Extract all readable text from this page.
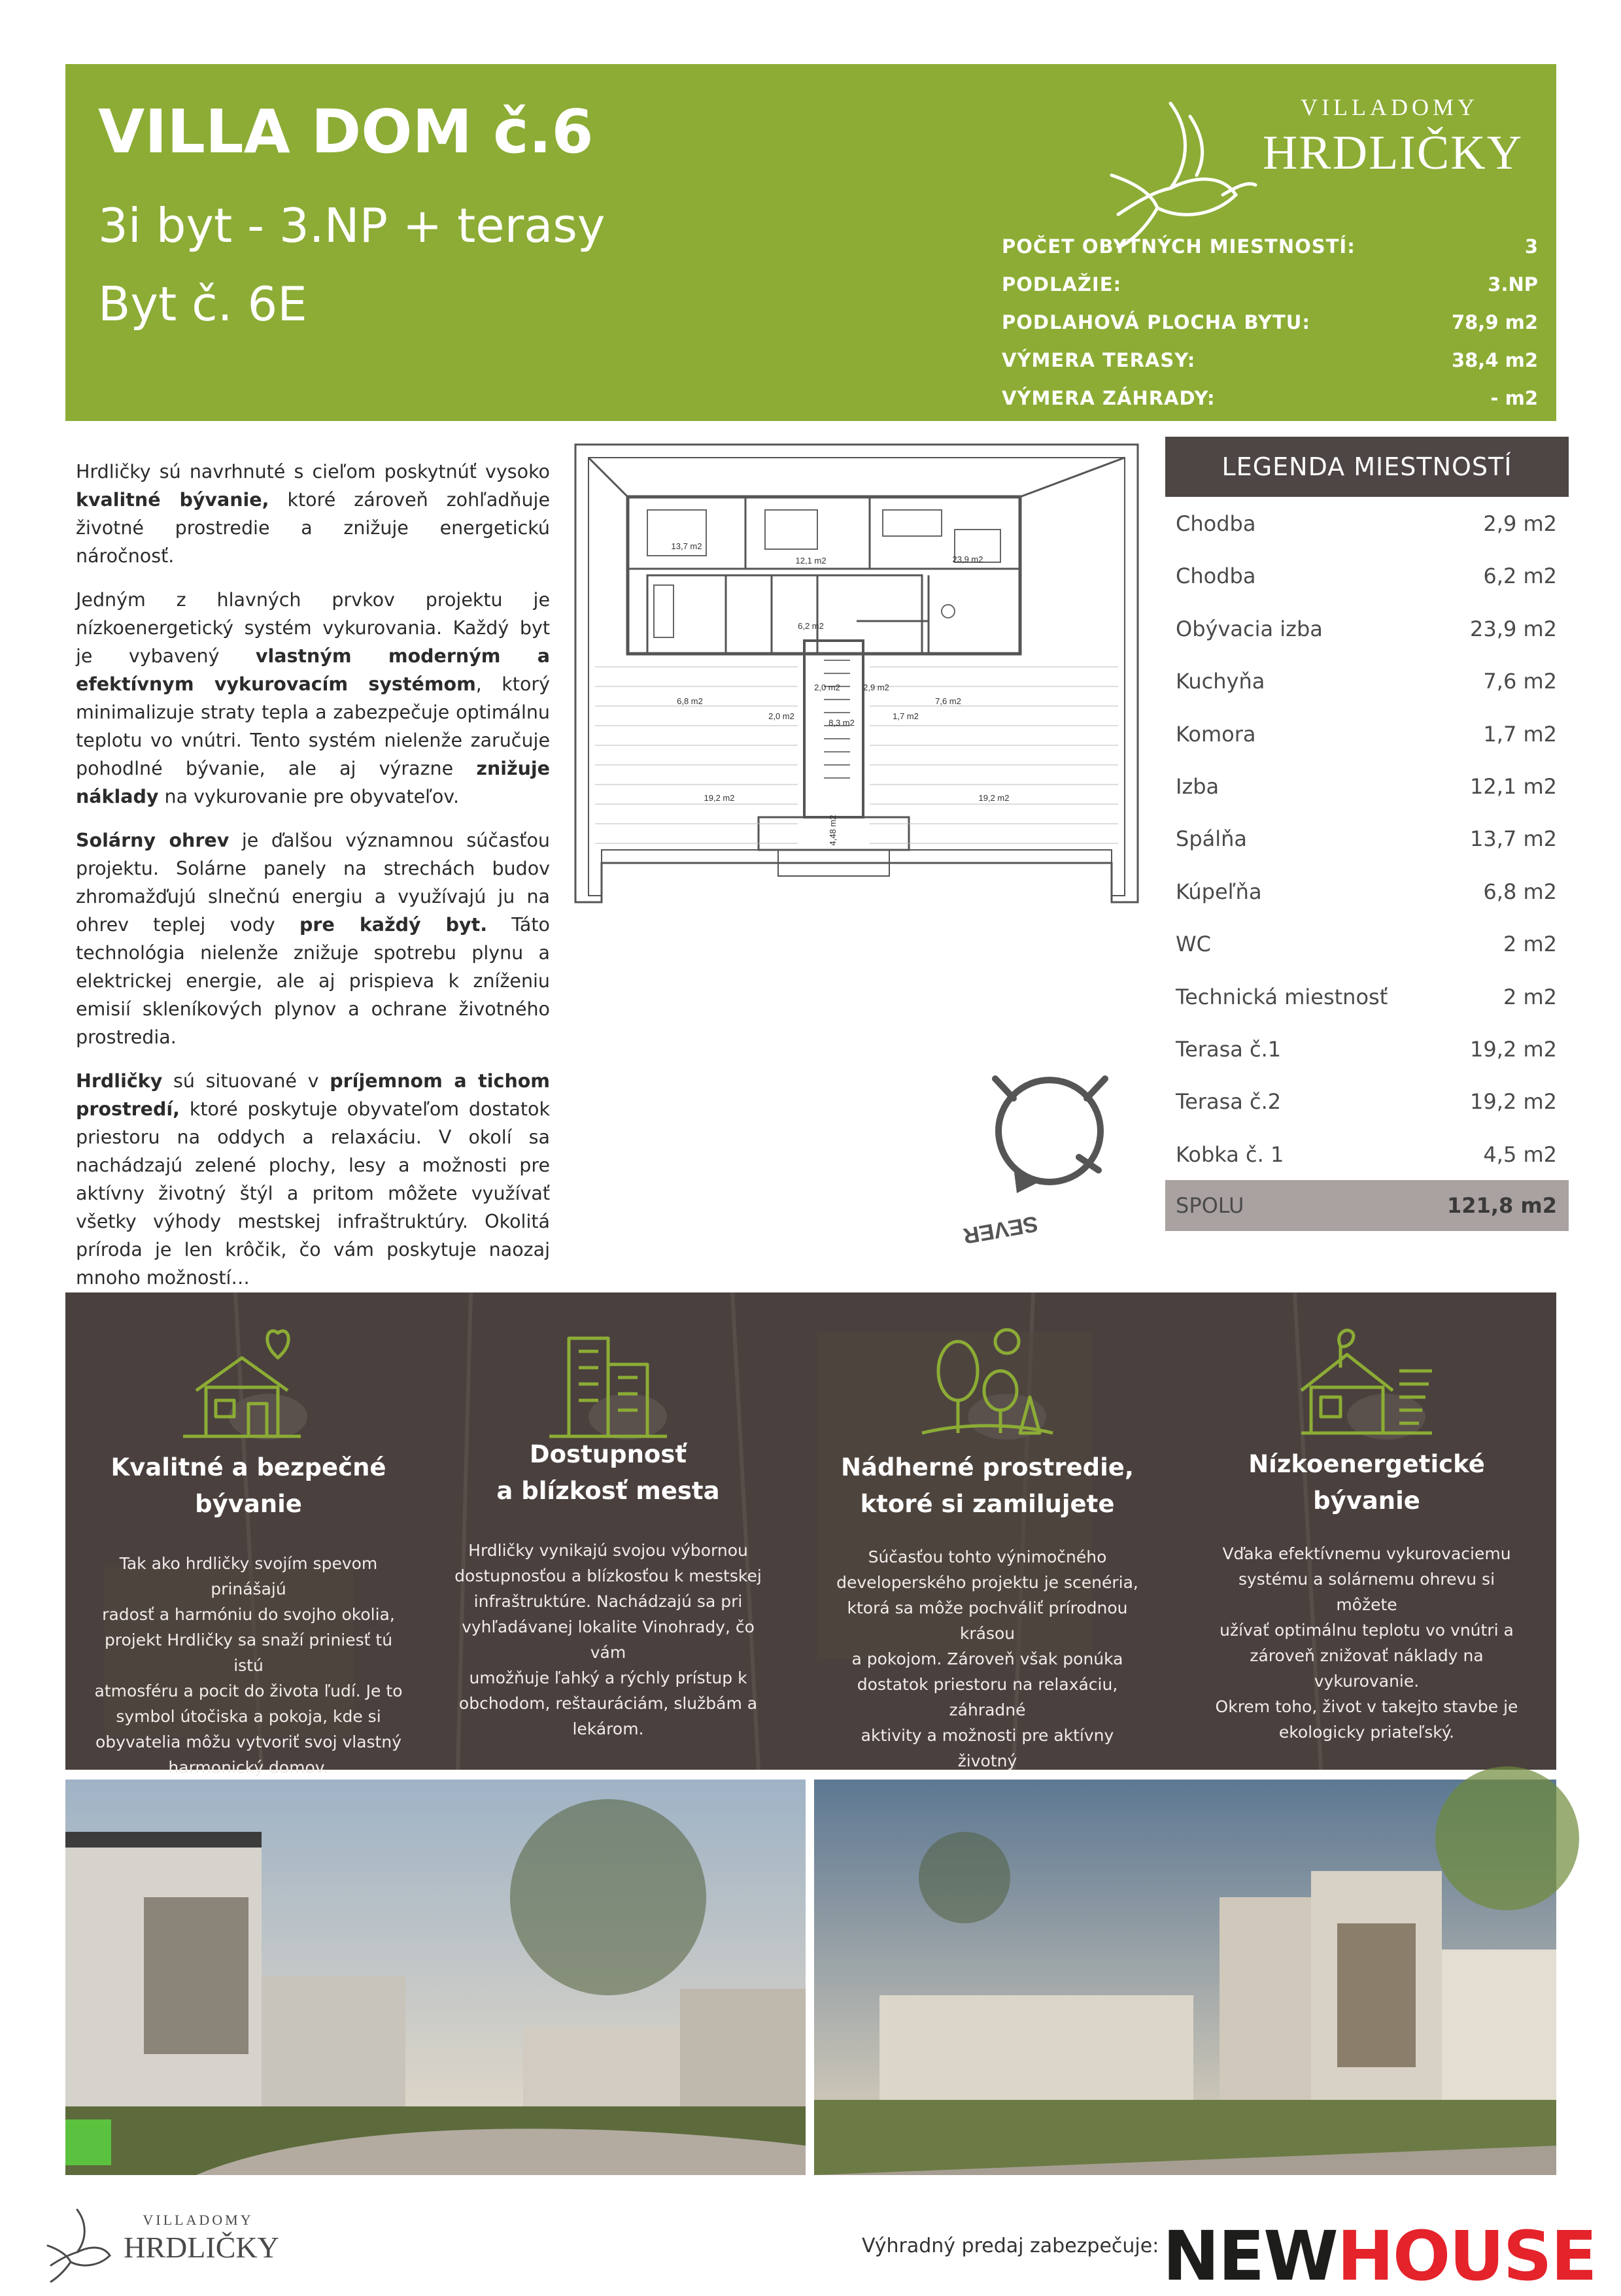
VILLA DOM č.6
3i byt - 3.NP + terasy
Byt č. 6E
VILLADOMY
HRDLIČKY
POČET OBYTNÝCH MIESTNOSTÍ:	3
PODLAŽIE:	3.NP
PODLAHOVÁ PLOCHA BYTU:	78,9 m2
VÝMERA TERASY:	38,4 m2
VÝMERA ZÁHRADY:	- m2

Hrdličky sú navrhnuté s cieľom poskytnúť vysoko kvalitné bývanie, ktoré zároveň zohľadňuje životné prostredie a znižuje energetickú náročnosť.

Jedným z hlavných prvkov projektu je nízkoenergetický systém vykurovania. Každý byt je vybavený vlastným moderným a efektívnym vykurovacím systémom, ktorý minimalizuje straty tepla a zabezpečuje optimálnu teplotu vo vnútri. Tento systém nielenže zaručuje pohodlné bývanie, ale aj výrazne znižuje náklady na vykurovanie pre obyvateľov.

Solárny ohrev je ďalšou významnou súčasťou projektu. Solárne panely na strechách budov zhromažďujú slnečnú energiu a využívajú ju na ohrev teplej vody pre každý byt. Táto technológia nielenže znižuje spotrebu plynu a elektrickej energie, ale aj prispieva k zníženiu emisií skleníkových plynov a ochrane životného prostredia.

Hrdličky sú situované v príjemnom a tichom prostredí, ktoré poskytuje obyvateľom dostatok priestoru na oddych a relaxáciu. V okolí sa nachádzajú zelené plochy, lesy a možnosti pre aktívny životný štýl a pritom môžete využívať všetky výhody mestskej infraštruktúry. Okolitá príroda je len krôčik, čo vám poskytuje naozaj mnoho možností…

13,7 m2
12,1 m2	23,9 m2
6,2 m2
2,0 m2	2,9 m2
6,8 m2
2,0 m2
8,3 m2
1,7 m2
7,6 m2
19,2 m2	19,2 m2
4,48 m2
SEVER
LEGENDA MIESTNOSTÍ
Chodba	2,9 m2
Chodba	6,2 m2
Obývacia izba	23,9 m2
Kuchyňa	7,6 m2
Komora	1,7 m2
Izba	12,1 m2
Spálňa	13,7 m2
Kúpeľňa	6,8 m2
WC	2 m2
Technická miestnosť	2 m2
Terasa č.1	19,2 m2
Terasa č.2	19,2 m2
Kobka č. 1	4,5 m2
SPOLU	121,8 m2
Kvalitné a bezpečné
bývanie
Tak ako hrdličky svojím spevom prinášajú
radosť a harmóniu do svojho okolia,
projekt Hrdličky sa snaží priniesť tú istú
atmosféru a pocit do života ľudí. Je to
symbol útočiska a pokoja, kde si
obyvatelia môžu vytvoriť svoj vlastný
harmonický domov.
Dostupnosť
a blízkosť mesta
Hrdličky vynikajú svojou výbornou
dostupnosťou a blízkosťou k mestskej
infraštruktúre. Nachádzajú sa pri
vyhľadávanej lokalite Vinohrady, čo vám
umožňuje ľahký a rýchly prístup k
obchodom, reštauráciám, službám a
lekárom.
Nádherné prostredie,
ktoré si zamilujete
Súčasťou tohto výnimočného
developerského projektu je scenéria,
ktorá sa môže pochváliť prírodnou krásou
a pokojom. Zároveň však ponúka
dostatok priestoru na relaxáciu, záhradné
aktivity a možnosti pre aktívny životný
Nízkoenergetické
bývanie
Vďaka efektívnemu vykurovaciemu
systému a solárnemu ohrevu si môžete
užívať optimálnu teplotu vo vnútri a
zároveň znižovať náklady na vykurovanie.
Okrem toho, život v takejto stavbe je
ekologicky priateľský.
VILLADOMY
HRDLIČKY	Výhradný predaj zabezpečuje: NEWHOUSE
